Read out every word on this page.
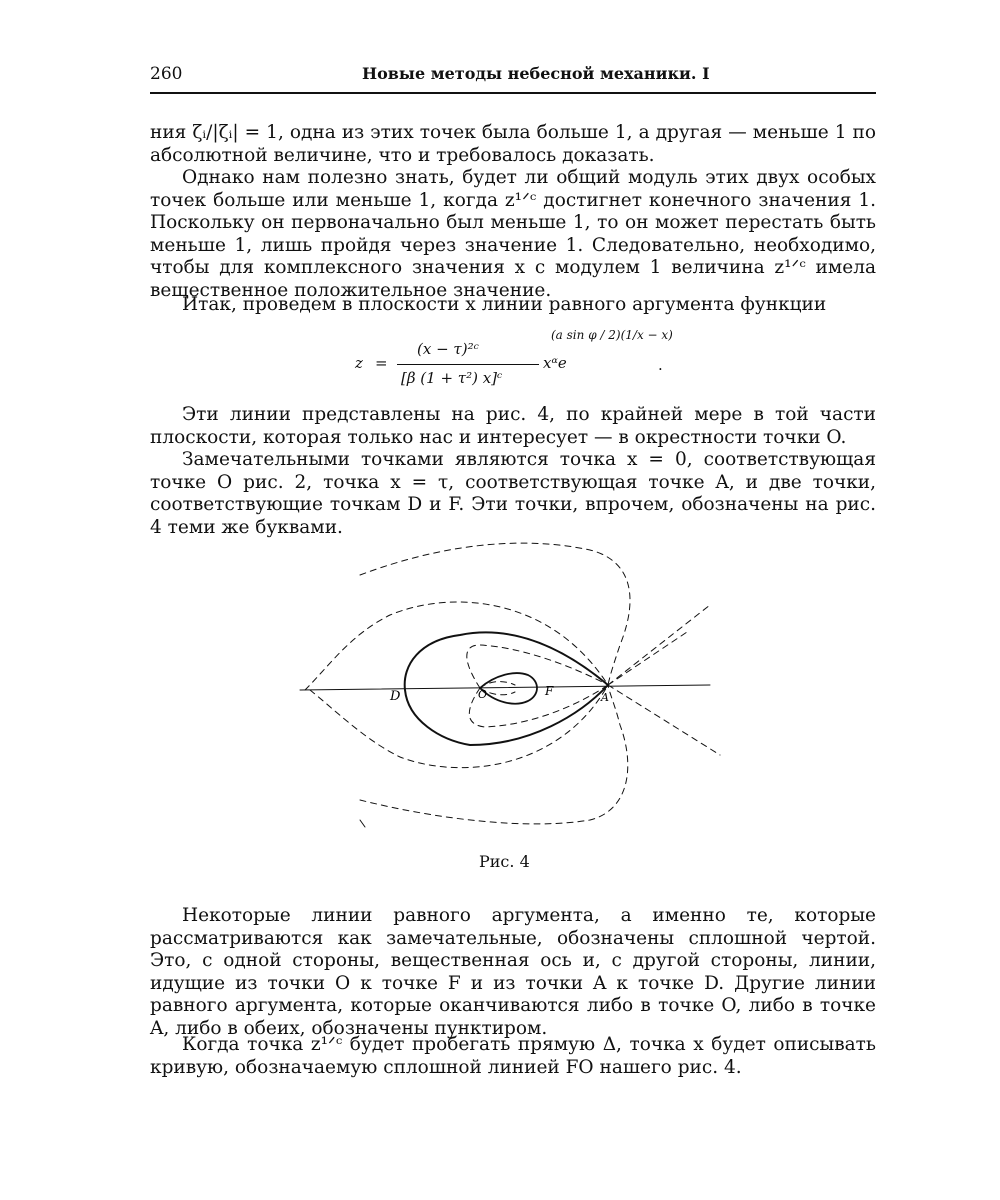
260	Новые методы небесной механики. I

ния ζᵢ/|ζᵢ| = 1, одна из этих точек была больше 1, а другая — меньше 1 по абсолютной величине, что и требовалось доказать.

Однако нам полезно знать, будет ли общий модуль этих двух особых точек больше или меньше 1, когда z¹ᐟᶜ достигнет конечного значения 1. Поскольку он первоначально был меньше 1, то он может перестать быть меньше 1, лишь пройдя через значение 1. Следовательно, необходимо, чтобы для комплексного значения x с модулем 1 величина z¹ᐟᶜ имела вещественное положительное значение.

Итак, проведем в плоскости x линии равного аргумента функции

z =
(x − τ)²ᶜ
[β (1 + τ²) x]ᶜ
xᵅe
(a sin φ / 2)(1/x − x)
.

Эти линии представлены на рис. 4, по крайней мере в той части плоскости, которая только нас и интересует — в окрестности точки O.

Замечательными точками являются точка x = 0, соответствующая точке O рис. 2, точка x = τ, соответствующая точке A, и две точки, соответствующие точкам D и F. Эти точки, впрочем, обозначены на рис. 4 теми же буквами.

D	O	F	A
Рис. 4

Некоторые линии равного аргумента, а именно те, которые рассматриваются как замечательные, обозначены сплошной чертой. Это, с одной стороны, вещественная ось и, с другой стороны, линии, идущие из точки O к точке F и из точки A к точке D. Другие линии равного аргумента, которые оканчиваются либо в точке O, либо в точке A, либо в обеих, обозначены пунктиром.

Когда точка z¹ᐟᶜ будет пробегать прямую Δ, точка x будет описывать кривую, обозначаемую сплошной линией FO нашего рис. 4.
